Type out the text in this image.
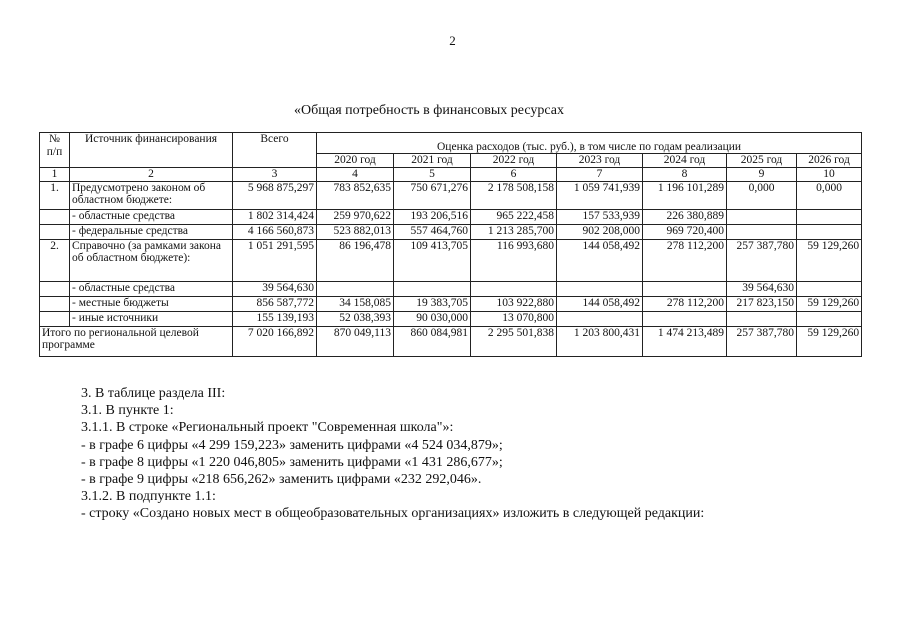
2
«Общая потребность в финансовых ресурсах
№
п/п	Источник финансирования	Всего	Оценка расходов (тыс. руб.), в том числе по годам реализации						
			2020 год	2021 год	2022 год	2023 год	2024 год	2025 год	2026 год
1	2	3	4	5	6	7	8	9	10
1.	Предусмотрено законом об областном бюджете:	5 968 875,297	783 852,635	750 671,276	2 178 508,158	1 059 741,939	1 196 101,289	0,000	0,000
	- областные средства	1 802 314,424	259 970,622	193 206,516	965 222,458	157 533,939	226 380,889		
	- федеральные средства	4 166 560,873	523 882,013	557 464,760	1 213 285,700	902 208,000	969 720,400		
2.	Справочно (за рамками закона об областном бюджете):	1 051 291,595	86 196,478	109 413,705	116 993,680	144 058,492	278 112,200	257 387,780	59 129,260
	- областные средства	39 564,630						39 564,630	
	- местные бюджеты	856 587,772	34 158,085	19 383,705	103 922,880	144 058,492	278 112,200	217 823,150	59 129,260
	- иные источники	155 139,193	52 038,393	90 030,000	13 070,800				
Итого по региональной целевой программе		7 020 166,892	870 049,113	860 084,981	2 295 501,838	1 203 800,431	1 474 213,489	257 387,780	59 129,260
3. В таблице раздела III:
3.1. В пункте 1:
3.1.1. В строке «Региональный проект "Современная школа"»:
- в графе 6 цифры «4 299 159,223» заменить цифрами «4 524 034,879»;
- в графе 8 цифры «1 220 046,805» заменить цифрами «1 431 286,677»;
- в графе 9 цифры «218 656,262» заменить цифрами «232 292,046».
3.1.2. В подпункте 1.1:
- строку «Создано новых мест в общеобразовательных организациях» изложить в следующей редакции:
